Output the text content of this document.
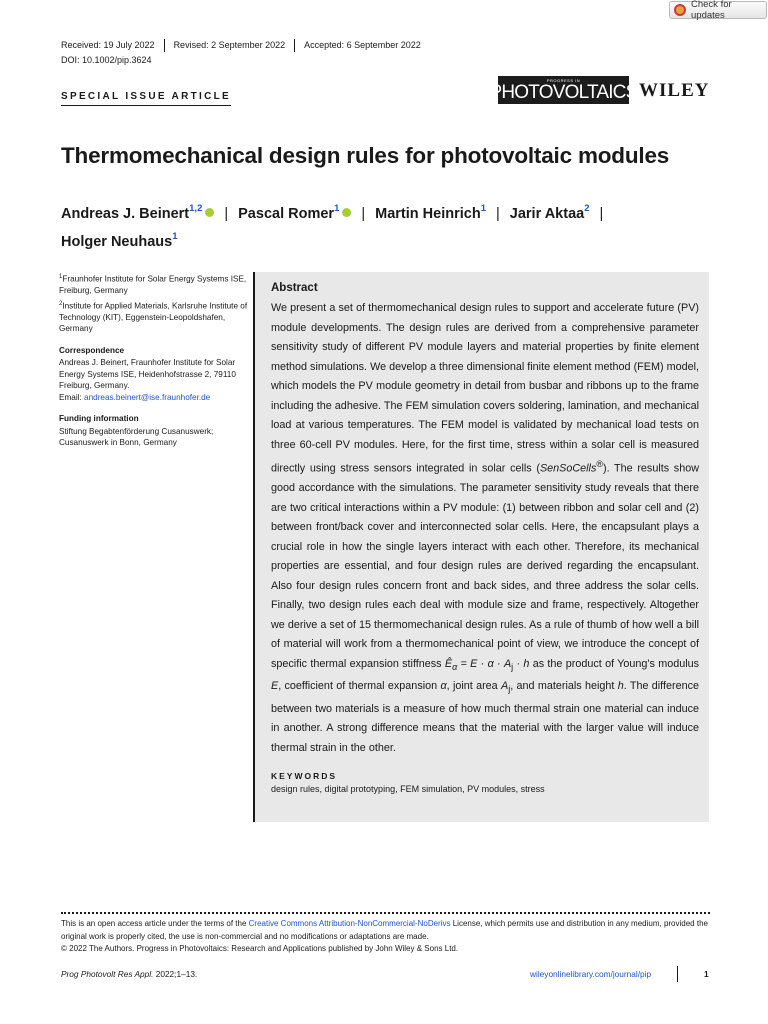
Check for updates
Received: 19 July 2022	Revised: 2 September 2022	Accepted: 6 September 2022
DOI: 10.1002/pip.3624
SPECIAL ISSUE ARTICLE
PROGRESS IN
PHOTOVOLTAICS WILEY
Thermomechanical design rules for photovoltaic modules
Andreas J. Beinert$^{1,2}$ | Pascal Romer$^1$ | Martin Heinrich$^1$ | Jarir Aktaa$^2$ |
Holger Neuhaus$^1$

$^1$Fraunhofer Institute for Solar Energy Systems ISE, Freiburg, Germany

$^2$Institute for Applied Materials, Karlsruhe Institute of Technology (KIT), Eggenstein-Leopoldshafen, Germany

Correspondence
Andreas J. Beinert, Fraunhofer Institute for Solar Energy Systems ISE, Heidenhofstrasse 2, 79110 Freiburg, Germany.
Email: andreas.beinert@ise.fraunhofer.de
Funding information
Stiftung Begabtenförderung Cusanuswerk; Cusanuswerk in Bonn, Germany
Abstract
We present a set of thermomechanical design rules to support and accelerate future (PV) module developments. The design rules are derived from a comprehensive parameter sensitivity study of different PV module layers and material properties by finite element method simulations. We develop a three dimensional finite element method (FEM) model, which models the PV module geometry in detail from busbar and ribbons up to the frame including the adhesive. The FEM simulation covers soldering, lamination, and mechanical load at various temperatures. The FEM model is validated by mechanical load tests on three 60-cell PV modules. Here, for the first time, stress within a solar cell is measured directly using stress sensors integrated in solar cells (SenSoCells®). The results show good accordance with the simulations. The parameter sensitivity study reveals that there are two critical interactions within a PV module: (1) between ribbon and solar cell and (2) between front/back cover and interconnected solar cells. Here, the encapsulant plays a crucial role in how the single layers interact with each other. Therefore, its mechanical properties are essential, and four design rules are derived regarding the encapsulant. Also four design rules concern front and back sides, and three address the solar cells. Finally, two design rules each deal with module size and frame, respectively. Altogether we derive a set of 15 thermomechanical design rules. As a rule of thumb of how well a bill of material will work from a thermomechanical point of view, we introduce the concept of specific thermal expansion stiffness $Ê_\alpha = E \cdot \alpha \cdot A_j \cdot h$ as the product of Young's modulus E, coefficient of thermal expansion α, joint area $A_j$, and materials height h. The difference between two materials is a measure of how much thermal strain one material can induce in another. A strong difference means that the material with the larger value will induce thermal strain in the other.
KEYWORDS
design rules, digital prototyping, FEM simulation, PV modules, stress
This is an open access article under the terms of the Creative Commons Attribution-NonCommercial-NoDerivs License, which permits use and distribution in any medium, provided the original work is properly cited, the use is non-commercial and no modifications or adaptations are made.
© 2022 The Authors. Progress in Photovoltaics: Research and Applications published by John Wiley & Sons Ltd.
Prog Photovolt Res Appl. 2022;1–13.	wileyonlinelibrary.com/journal/pip	1
